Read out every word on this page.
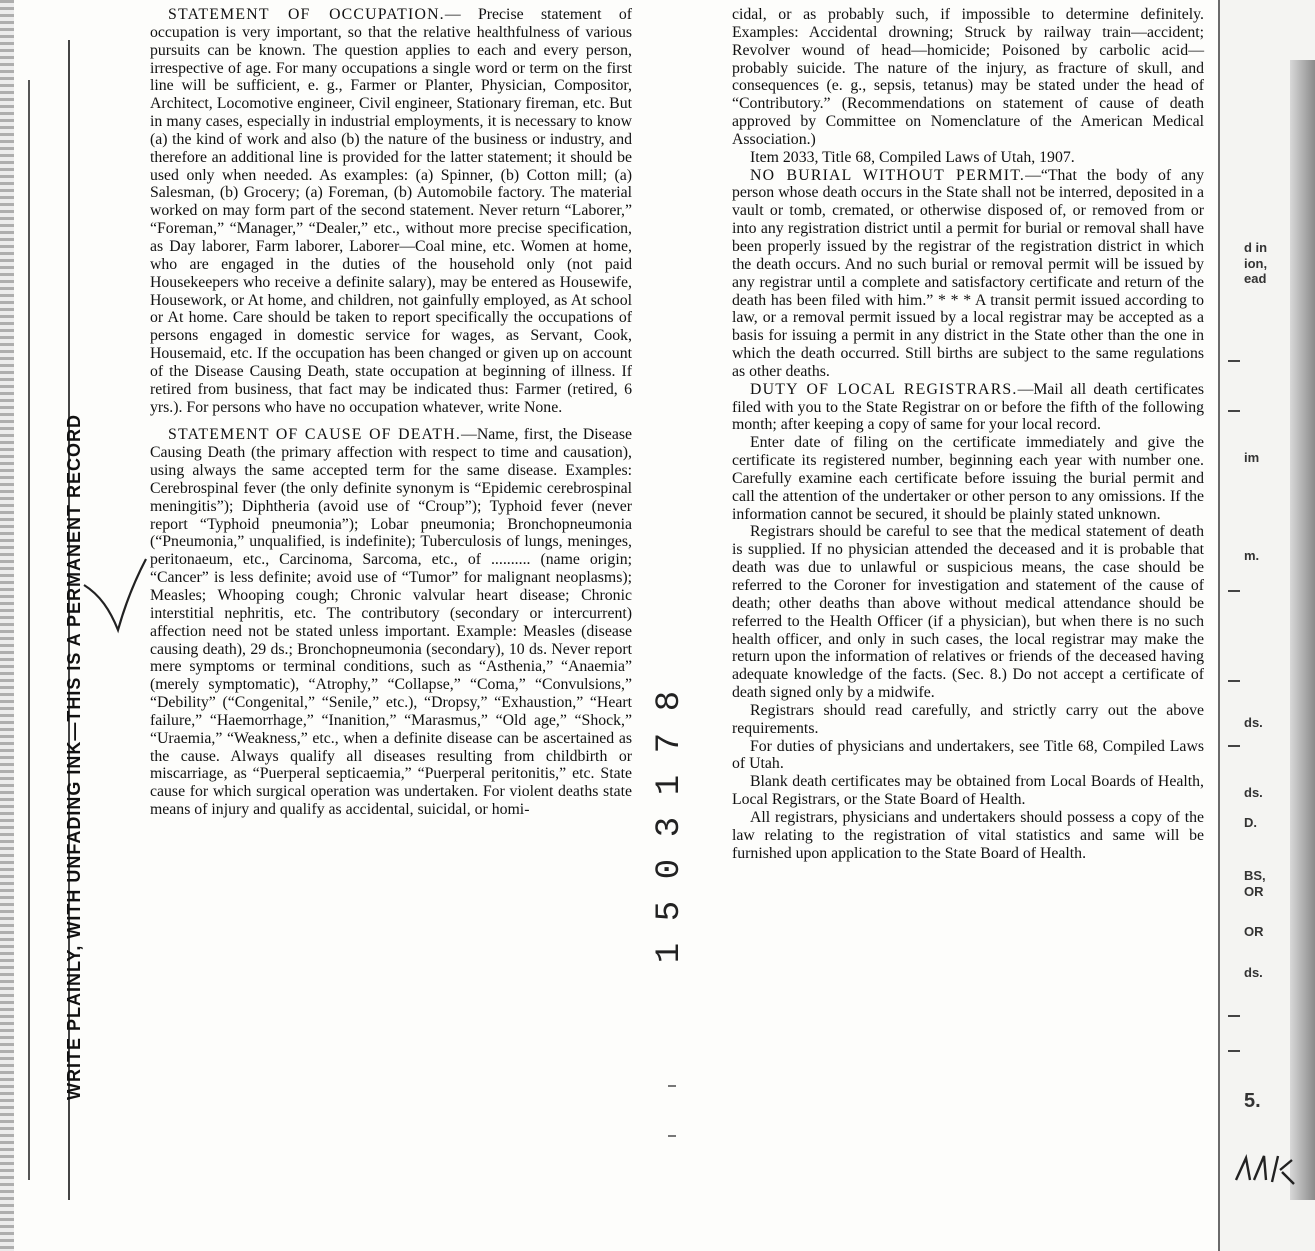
WRITE PLAINLY, WITH UNFADING INK—THIS IS A PERMANENT RECORD

STATEMENT OF OCCUPATION.— Precise statement of occupation is very important, so that the relative healthfulness of various pursuits can be known. The question applies to each and every person, irrespective of age. For many occupations a single word or term on the first line will be sufficient, e. g., Farmer or Planter, Physician, Compositor, Architect, Locomotive engineer, Civil engineer, Stationary fireman, etc. But in many cases, especially in industrial employments, it is necessary to know (a) the kind of work and also (b) the nature of the business or industry, and therefore an additional line is provided for the latter statement; it should be used only when needed. As examples: (a) Spinner, (b) Cotton mill; (a) Salesman, (b) Grocery; (a) Foreman, (b) Automobile factory. The material worked on may form part of the second statement. Never return “Laborer,” “Foreman,” “Manager,” “Dealer,” etc., without more precise specification, as Day laborer, Farm laborer, Laborer—Coal mine, etc. Women at home, who are engaged in the duties of the household only (not paid Housekeepers who receive a definite salary), may be entered as Housewife, Housework, or At home, and children, not gainfully employed, as At school or At home. Care should be taken to report specifically the occupations of persons engaged in domestic service for wages, as Servant, Cook, Housemaid, etc. If the occupation has been changed or given up on account of the Disease Causing Death, state occupation at beginning of illness. If retired from business, that fact may be indicated thus: Farmer (retired, 6 yrs.). For persons who have no occupation whatever, write None.

STATEMENT OF CAUSE OF DEATH.—Name, first, the Disease Causing Death (the primary affection with respect to time and causation), using always the same accepted term for the same disease. Examples: Cerebrospinal fever (the only definite synonym is “Epidemic cerebrospinal meningitis”); Diphtheria (avoid use of “Croup”); Typhoid fever (never report “Typhoid pneumonia”); Lobar pneumonia; Bronchopneumonia (“Pneumonia,” unqualified, is indefinite); Tuberculosis of lungs, meninges, peritonaeum, etc., Carcinoma, Sarcoma, etc., of .......... (name origin; “Cancer” is less definite; avoid use of “Tumor” for malignant neoplasms); Measles; Whooping cough; Chronic valvular heart disease; Chronic interstitial nephritis, etc. The contributory (secondary or intercurrent) affection need not be stated unless important. Example: Measles (disease causing death), 29 ds.; Bronchopneumonia (secondary), 10 ds. Never report mere symptoms or terminal conditions, such as “Asthenia,” “Anaemia” (merely symptomatic), “Atrophy,” “Collapse,” “Coma,” “Convulsions,” “Debility” (“Congenital,” “Senile,” etc.), “Dropsy,” “Exhaustion,” “Heart failure,” “Haemorrhage,” “Inanition,” “Marasmus,” “Old age,” “Shock,” “Uraemia,” “Weakness,” etc., when a definite disease can be ascertained as the cause. Always qualify all diseases resulting from childbirth or miscarriage, as “Puerperal septicaemia,” “Puerperal peritonitis,” etc. State cause for which surgical operation was undertaken. For violent deaths state means of injury and qualify as accidental, suicidal, or homi-

8
7
1
3
0
5
1

cidal, or as probably such, if impossible to determine definitely. Examples: Accidental drowning; Struck by railway train—accident; Revolver wound of head—homicide; Poisoned by carbolic acid—probably suicide. The nature of the injury, as fracture of skull, and consequences (e. g., sepsis, tetanus) may be stated under the head of “Contributory.” (Recommendations on statement of cause of death approved by Committee on Nomenclature of the American Medical Association.)

Item 2033, Title 68, Compiled Laws of Utah, 1907.

NO BURIAL WITHOUT PERMIT.—“That the body of any person whose death occurs in the State shall not be interred, deposited in a vault or tomb, cremated, or otherwise disposed of, or removed from or into any registration district until a permit for burial or removal shall have been properly issued by the registrar of the registration district in which the death occurs. And no such burial or removal permit will be issued by any registrar until a complete and satisfactory certificate and return of the death has been filed with him.” * * * A transit permit issued according to law, or a removal permit issued by a local registrar may be accepted as a basis for issuing a permit in any district in the State other than the one in which the death occurred. Still births are subject to the same regulations as other deaths.

DUTY OF LOCAL REGISTRARS.—Mail all death certificates filed with you to the State Registrar on or before the fifth of the following month; after keeping a copy of same for your local record.

Enter date of filing on the certificate immediately and give the certificate its registered number, beginning each year with number one. Carefully examine each certificate before issuing the burial permit and call the attention of the undertaker or other person to any omissions. If the information cannot be secured, it should be plainly stated unknown.

Registrars should be careful to see that the medical statement of death is supplied. If no physician attended the deceased and it is probable that death was due to unlawful or suspicious means, the case should be referred to the Coroner for investigation and statement of the cause of death; other deaths than above without medical attendance should be referred to the Health Officer (if a physician), but when there is no such health officer, and only in such cases, the local registrar may make the return upon the information of relatives or friends of the deceased having adequate knowledge of the facts. (Sec. 8.) Do not accept a certificate of death signed only by a midwife.

Registrars should read carefully, and strictly carry out the above requirements.

For duties of physicians and undertakers, see Title 68, Compiled Laws of Utah.

Blank death certificates may be obtained from Local Boards of Health, Local Registrars, or the State Board of Health.

All registrars, physicians and undertakers should possess a copy of the law relating to the registration of vital statistics and same will be furnished upon application to the State Board of Health.

d in
ion,
ead
im
m.
ds.
ds.
D.
BS,
OR
OR
ds.
5.
